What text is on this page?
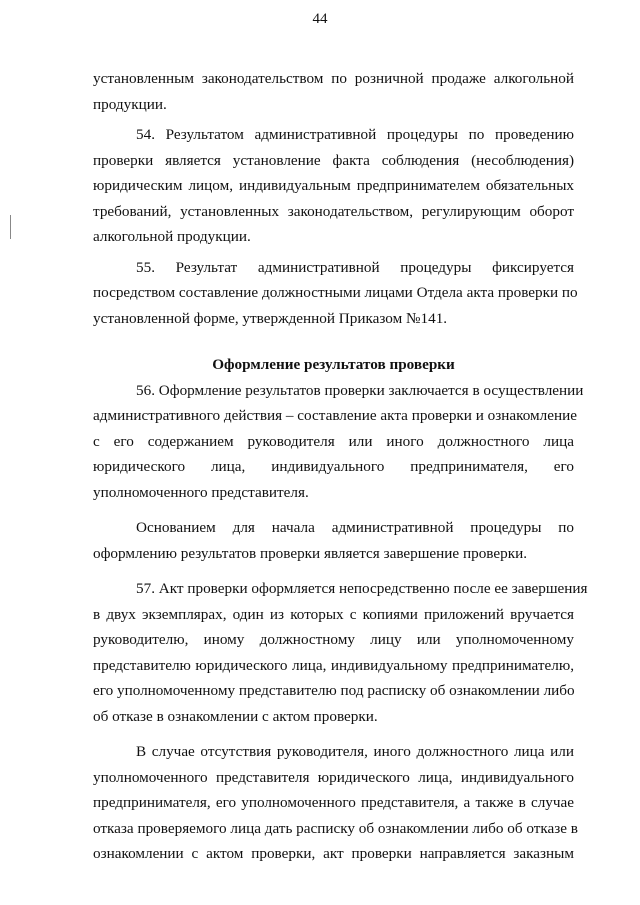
44
установленным законодательством по розничной продаже алкогольной
продукции.
54. Результатом административной процедуры по проведению
проверки является установление факта соблюдения (несоблюдения)
юридическим лицом, индивидуальным предпринимателем обязательных
требований, установленных законодательством, регулирующим оборот
алкогольной продукции.
55. Результат административной процедуры фиксируется
посредством составление должностными лицами Отдела акта проверки по
установленной форме, утвержденной Приказом №141.
Оформление результатов проверки
56. Оформление результатов проверки заключается в осуществлении
административного действия – составление акта проверки и ознакомление
с его содержанием руководителя или иного должностного лица
юридического лица, индивидуального предпринимателя, его
уполномоченного представителя.
Основанием для начала административной процедуры по
оформлению результатов проверки является завершение проверки.
57. Акт проверки оформляется непосредственно после ее завершения
в двух экземплярах, один из которых с копиями приложений вручается
руководителю, иному должностному лицу или уполномоченному
представителю юридического лица, индивидуальному предпринимателю,
его уполномоченному представителю под расписку об ознакомлении либо
об отказе в ознакомлении с актом проверки.
В случае отсутствия руководителя, иного должностного лица или
уполномоченного представителя юридического лица, индивидуального
предпринимателя, его уполномоченного представителя, а также в случае
отказа проверяемого лица дать расписку об ознакомлении либо об отказе в
ознакомлении с актом проверки, акт проверки направляется заказным
